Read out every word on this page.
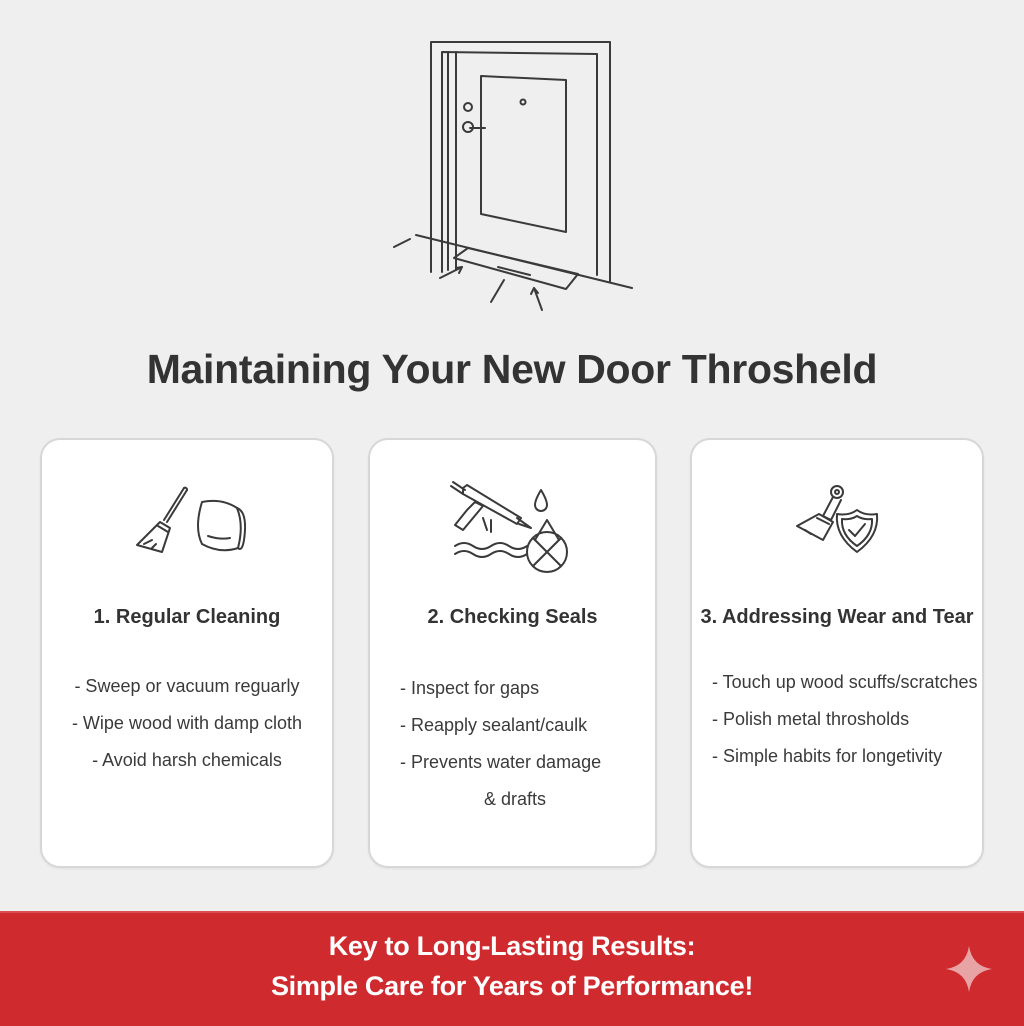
Maintaining Your New Door Throsheld
1. Regular Cleaning
- Sweep or vacuum reguarly
- Wipe wood with damp cloth
- Avoid harsh chemicals
2. Checking Seals
- Inspect for gaps
- Reapply sealant/caulk
- Prevents water damage
& drafts
3. Addressing Wear and Tear
- Touch up wood scuffs/scratches
- Polish metal throsholds
- Simple habits for longetivity
Key to Long-Lasting Results:
Simple Care for Years of Performance!
